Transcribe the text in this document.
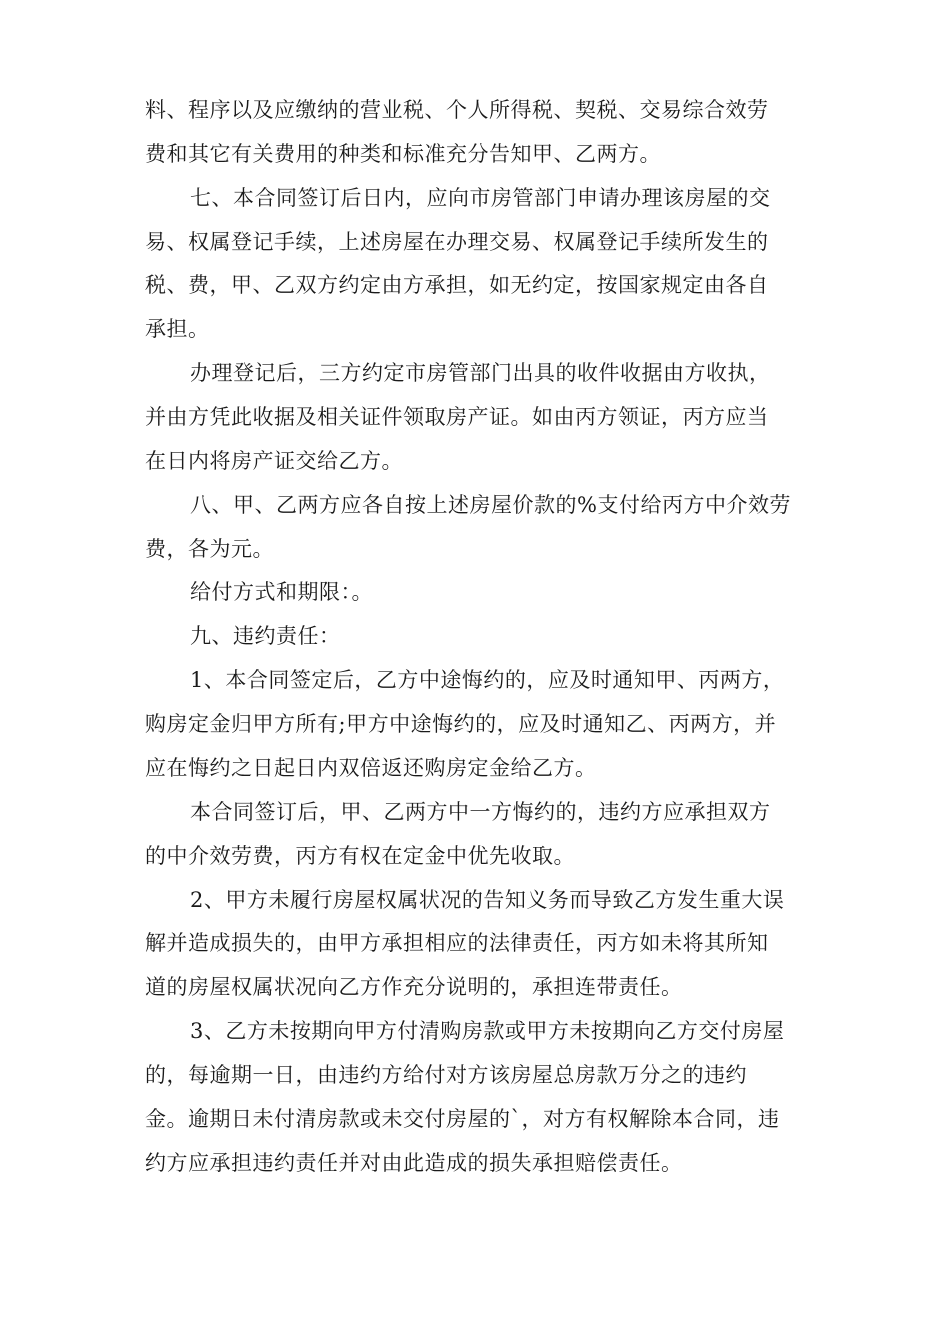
料、程序以及应缴纳的营业税、个人所得税、契税、交易综合效劳
费和其它有关费用的种类和标准充分告知甲、乙两方。
七、本合同签订后日内，应向市房管部门申请办理该房屋的交
易、权属登记手续，上述房屋在办理交易、权属登记手续所发生的
税、费，甲、乙双方约定由方承担，如无约定，按国家规定由各自
承担。
办理登记后，三方约定市房管部门出具的收件收据由方收执，
并由方凭此收据及相关证件领取房产证。如由丙方领证，丙方应当
在日内将房产证交给乙方。
八、甲、乙两方应各自按上述房屋价款的%支付给丙方中介效劳
费，各为元。
给付方式和期限：。
九、违约责任：
1、本合同签定后，乙方中途悔约的，应及时通知甲、丙两方，
购房定金归甲方所有;甲方中途悔约的，应及时通知乙、丙两方，并
应在悔约之日起日内双倍返还购房定金给乙方。
本合同签订后，甲、乙两方中一方悔约的，违约方应承担双方
的中介效劳费，丙方有权在定金中优先收取。
2、甲方未履行房屋权属状况的告知义务而导致乙方发生重大误
解并造成损失的，由甲方承担相应的法律责任，丙方如未将其所知
道的房屋权属状况向乙方作充分说明的，承担连带责任。
3、乙方未按期向甲方付清购房款或甲方未按期向乙方交付房屋
的，每逾期一日，由违约方给付对方该房屋总房款万分之的违约
金。逾期日未付清房款或未交付房屋的`，对方有权解除本合同，违
约方应承担违约责任并对由此造成的损失承担赔偿责任。
